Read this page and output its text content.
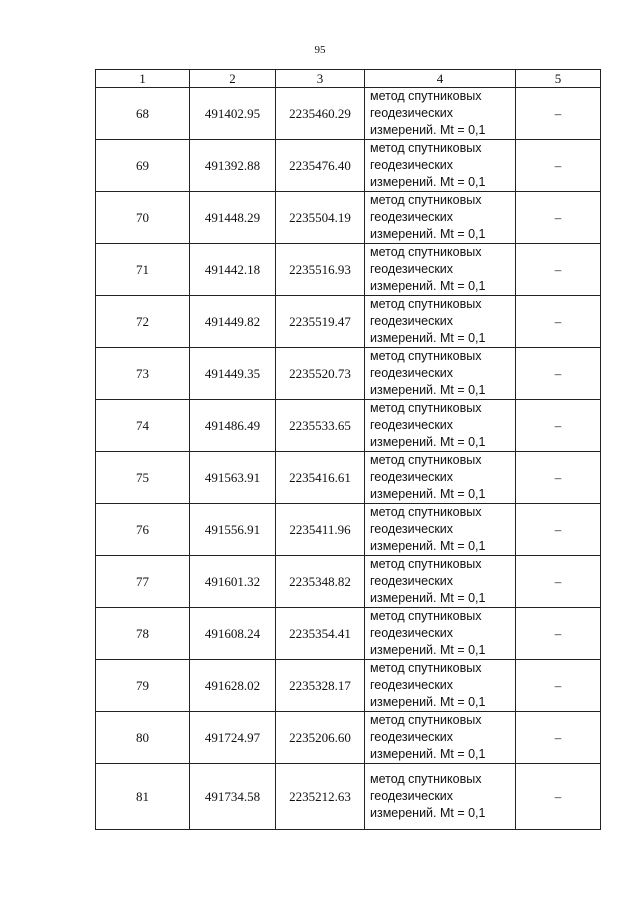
95
1	2	3	4	5
68	491402.95	2235460.29	метод спутниковых
геодезических
измерений. Mt = 0,1	–
69	491392.88	2235476.40	метод спутниковых
геодезических
измерений. Mt = 0,1	–
70	491448.29	2235504.19	метод спутниковых
геодезических
измерений. Mt = 0,1	–
71	491442.18	2235516.93	метод спутниковых
геодезических
измерений. Mt = 0,1	–
72	491449.82	2235519.47	метод спутниковых
геодезических
измерений. Mt = 0,1	–
73	491449.35	2235520.73	метод спутниковых
геодезических
измерений. Mt = 0,1	–
74	491486.49	2235533.65	метод спутниковых
геодезических
измерений. Mt = 0,1	–
75	491563.91	2235416.61	метод спутниковых
геодезических
измерений. Mt = 0,1	–
76	491556.91	2235411.96	метод спутниковых
геодезических
измерений. Mt = 0,1	–
77	491601.32	2235348.82	метод спутниковых
геодезических
измерений. Mt = 0,1	–
78	491608.24	2235354.41	метод спутниковых
геодезических
измерений. Mt = 0,1	–
79	491628.02	2235328.17	метод спутниковых
геодезических
измерений. Mt = 0,1	–
80	491724.97	2235206.60	метод спутниковых
геодезических
измерений. Mt = 0,1	–
81	491734.58	2235212.63	метод спутниковых
геодезических
измерений. Mt = 0,1	–
